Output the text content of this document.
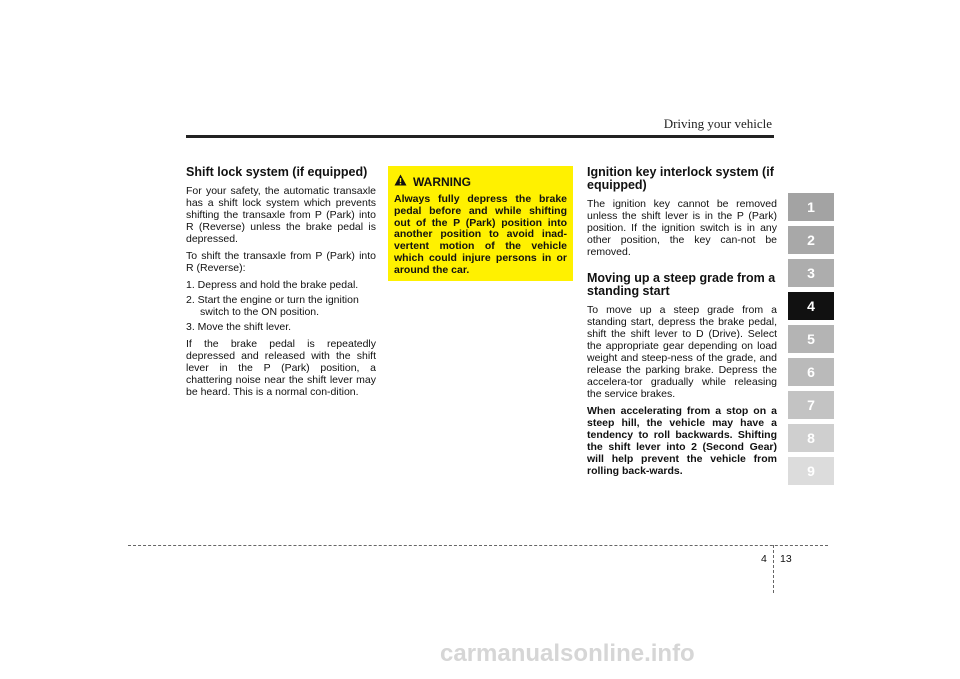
Driving your vehicle
Shift lock system (if equipped)

For your safety, the automatic transaxle has a shift lock system which prevents shifting the transaxle from P (Park) into R (Reverse) unless the brake pedal is depressed.

To shift the transaxle from P (Park) into R (Reverse):

1. Depress and hold the brake pedal.
2. Start the engine or turn the ignition switch to the ON position.
3. Move the shift lever.

If the brake pedal is repeatedly depressed and released with the shift lever in the P (Park) position, a chattering noise near the shift lever may be heard. This is a normal con-dition.

WARNING
Always fully depress the brake pedal before and while shifting out of the P (Park) position into another position to avoid inad-vertent motion of the vehicle which could injure persons in or around the car.
Ignition key interlock system (if equipped)

The ignition key cannot be removed unless the shift lever is in the P (Park) position. If the ignition switch is in any other position, the key can-not be removed.

Moving up a steep grade from a standing start

To move up a steep grade from a standing start, depress the brake pedal, shift the shift lever to D (Drive). Select the appropriate gear depending on load weight and steep-ness of the grade, and release the parking brake. Depress the accelera-tor gradually while releasing the service brakes.

When accelerating from a stop on a steep hill, the vehicle may have a tendency to roll backwards. Shifting the shift lever into 2 (Second Gear) will help prevent the vehicle from rolling back-wards.

1
2
3
4
5
6
7
8
9
4 13
carmanualsonline.info
